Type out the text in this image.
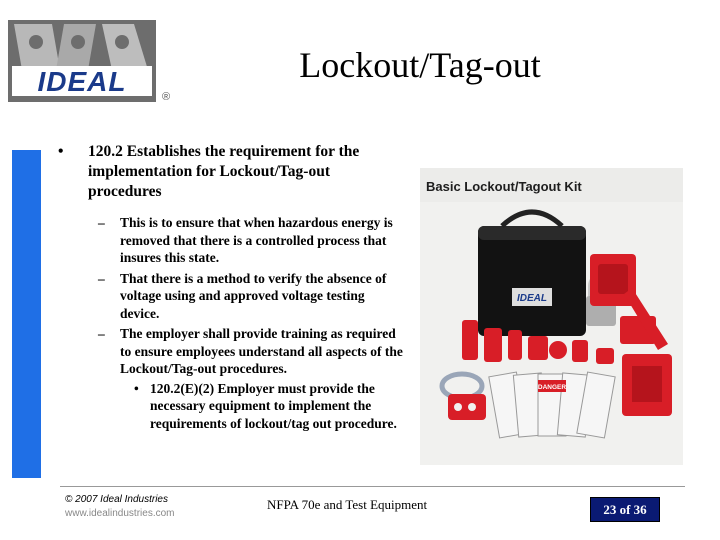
IDEAL	®
Lockout/Tag-out
•	120.2 Establishes the requirement for the implementation for Lockout/Tag-out procedures
–	This is to ensure that when hazardous energy is removed that there is a controlled process that insures this state.
–	That there is a method to verify the absence of voltage using and approved voltage testing device.
–	The employer shall provide training as required to ensure employees understand all aspects of the Lockout/Tag-out procedures.
• 120.2(E)(2) Employer must provide the necessary equipment to implement the requirements of lockout/tag out procedure.
Basic Lockout/Tagout Kit
IDEAL
DANGER
© 2007 Ideal Industries
www.idealindustries.com
NFPA 70e and Test Equipment	23 of 36
